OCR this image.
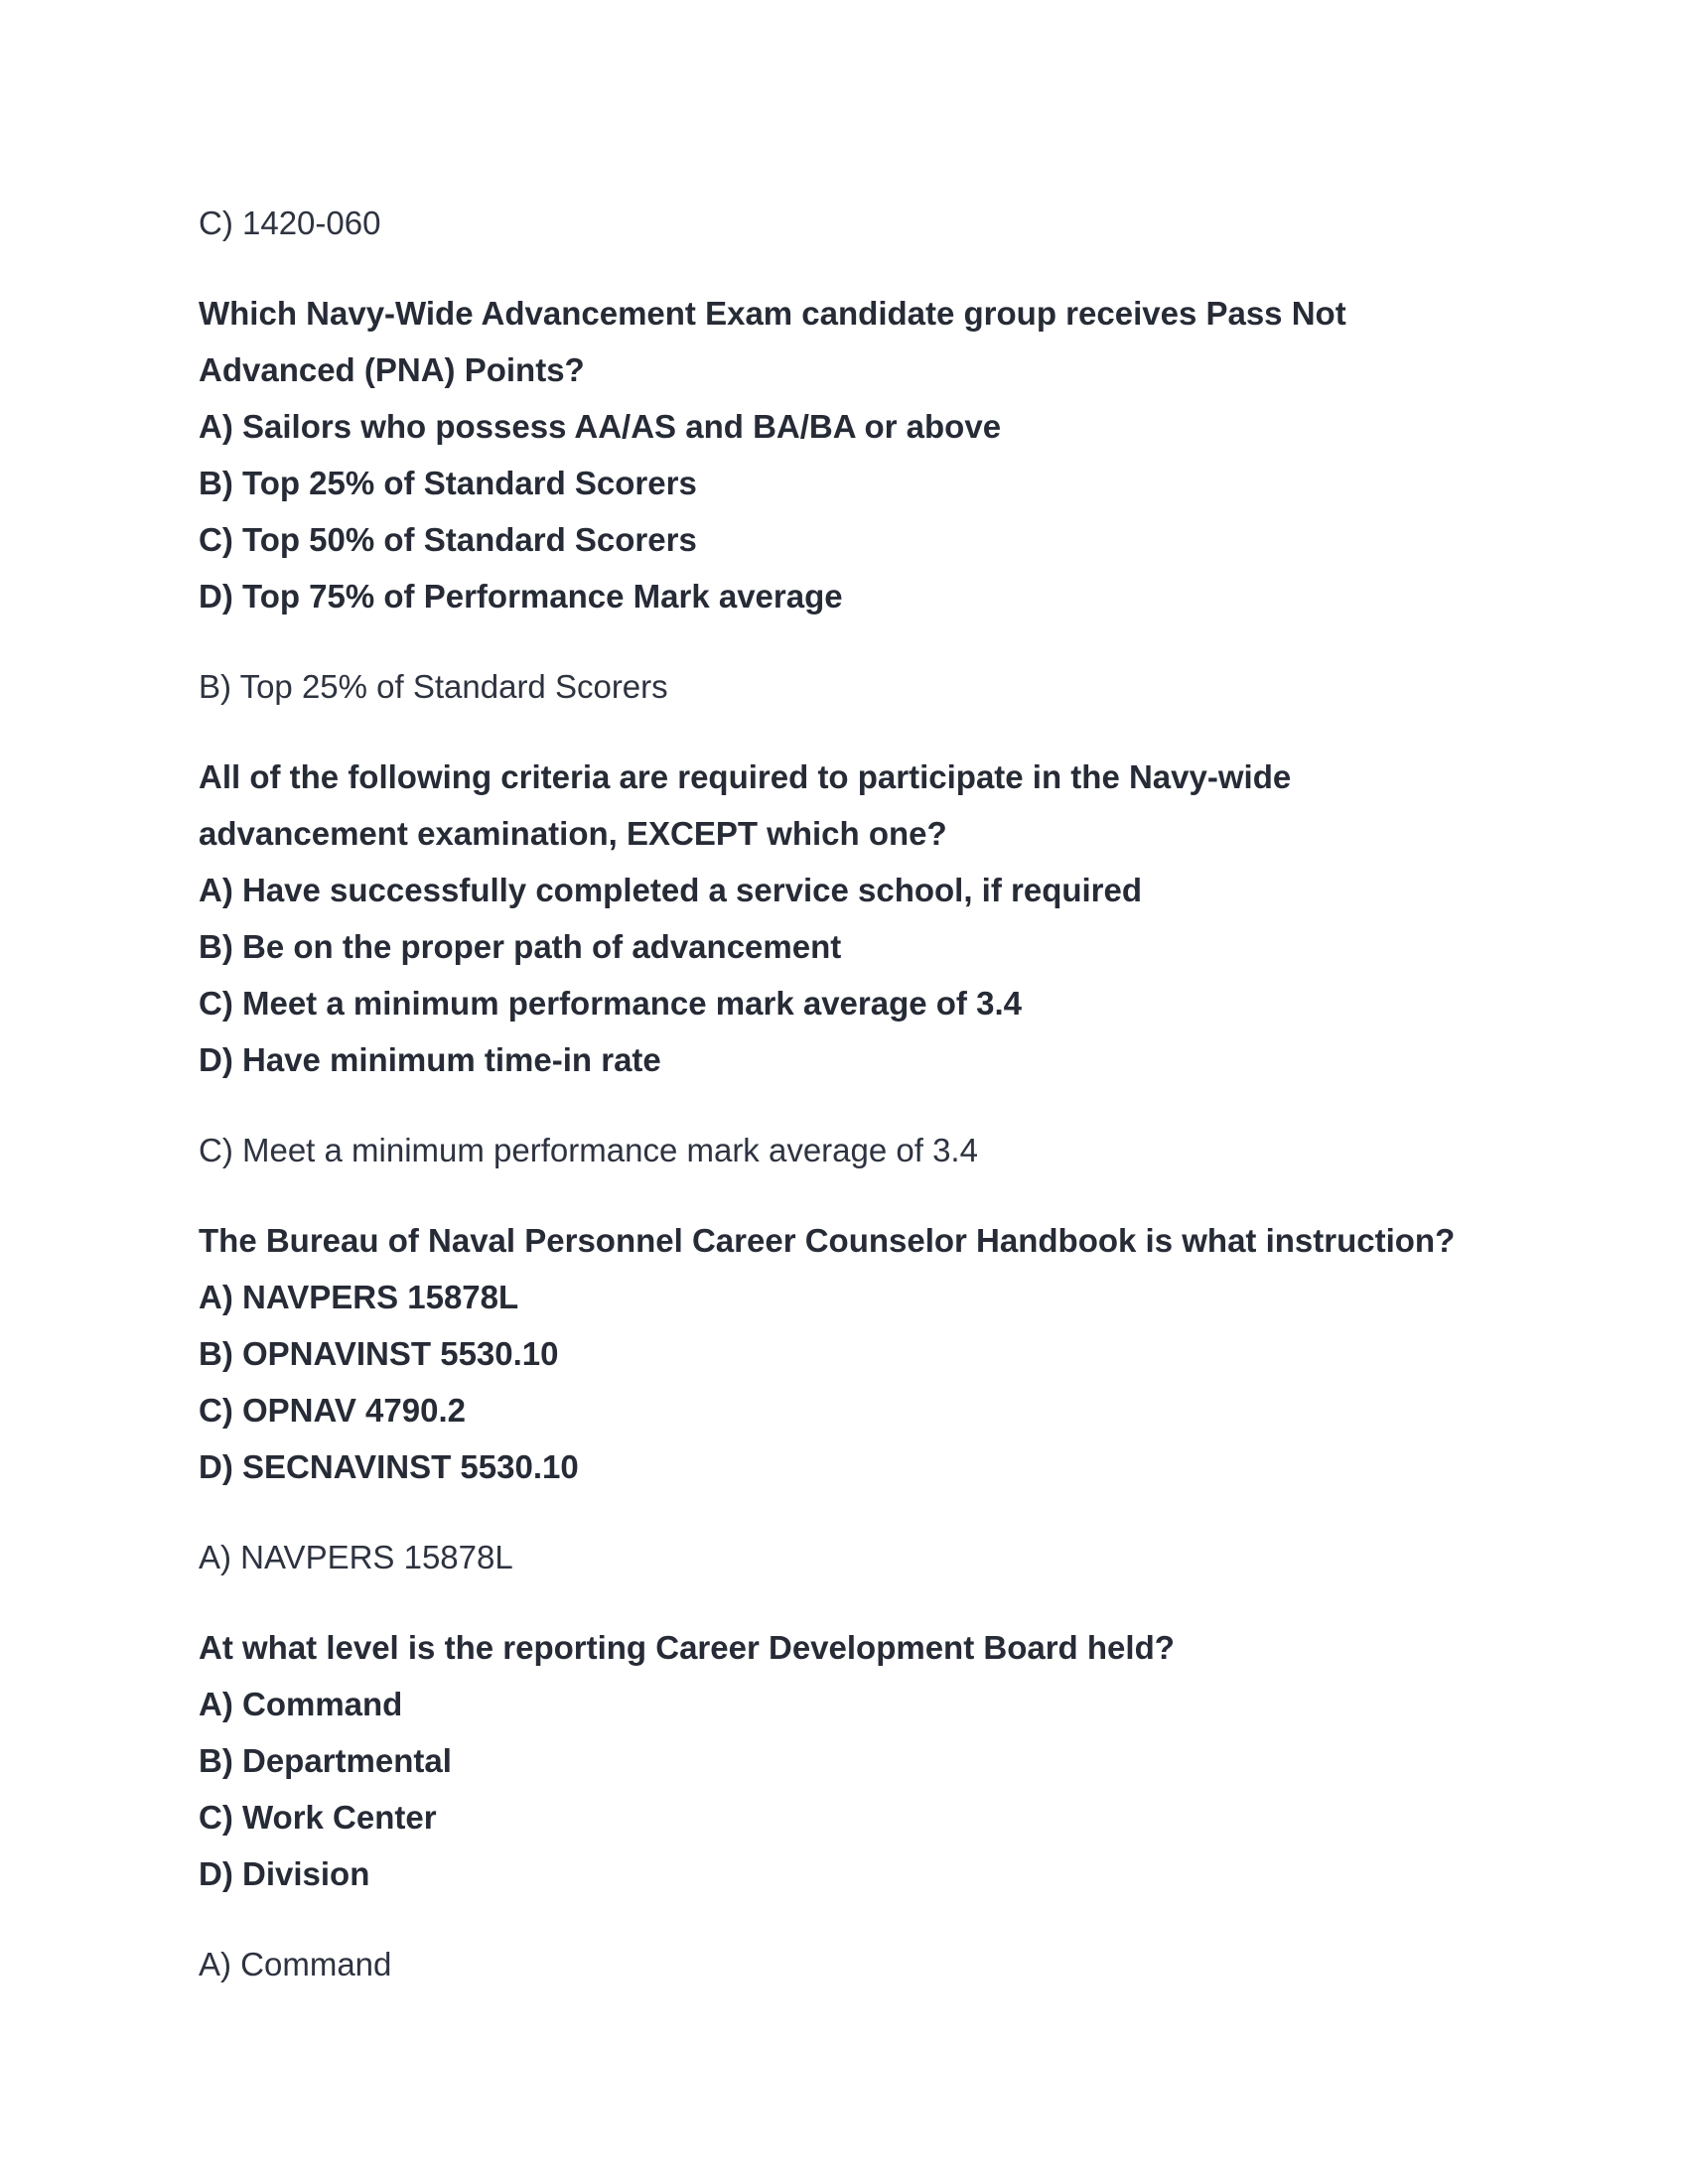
C) 1420-060

Which Navy-Wide Advancement Exam candidate group receives Pass Not

Advanced (PNA) Points?

A) Sailors who possess AA/AS and BA/BA or above

B) Top 25% of Standard Scorers

C) Top 50% of Standard Scorers

D) Top 75% of Performance Mark average

B) Top 25% of Standard Scorers

All of the following criteria are required to participate in the Navy-wide

advancement examination, EXCEPT which one?

A) Have successfully completed a service school, if required

B) Be on the proper path of advancement

C) Meet a minimum performance mark average of 3.4

D) Have minimum time-in rate

C) Meet a minimum performance mark average of 3.4

The Bureau of Naval Personnel Career Counselor Handbook is what instruction?

A) NAVPERS 15878L

B) OPNAVINST 5530.10

C) OPNAV 4790.2

D) SECNAVINST 5530.10

A) NAVPERS 15878L

At what level is the reporting Career Development Board held?

A) Command

B) Departmental

C) Work Center

D) Division

A) Command
